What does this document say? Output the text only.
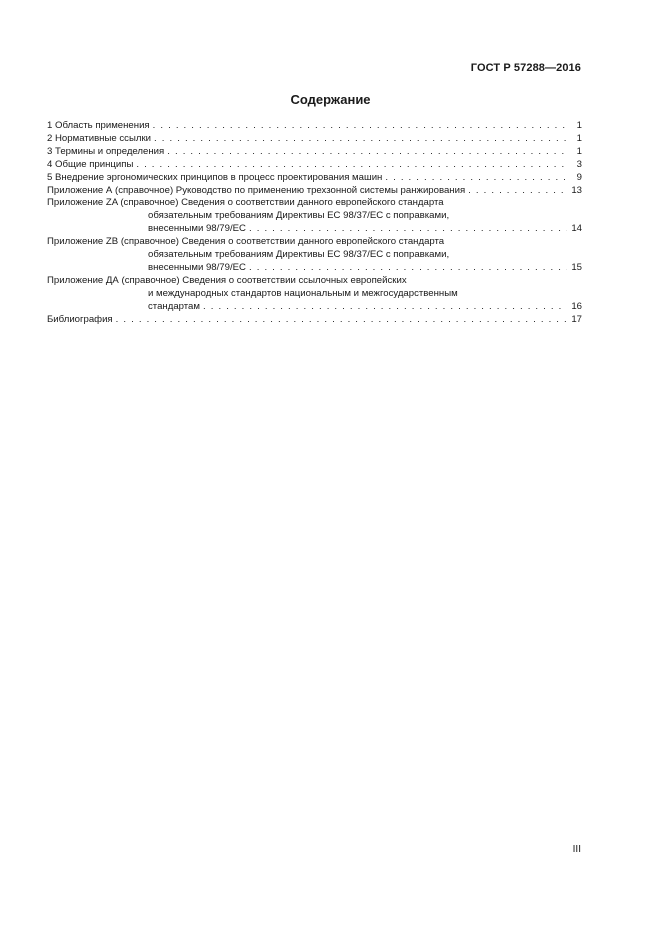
ГОСТ Р 57288—2016
Содержание
1 Область применения . . .	1
2 Нормативные ссылки . . .	1
3 Термины и определения . . .	1
4 Общие принципы . . .	3
5 Внедрение эргономических принципов в процесс проектирования машин . . .	9
Приложение А (справочное) Руководство по применению трехзонной системы ранжирования . . .	13
Приложение ZA (справочное) Сведения о соответствии данного европейского стандарта
обязательным требованиям Директивы ЕС 98/37/ЕС с поправками,
внесенными 98/79/ЕС . . .	14
Приложение ZB (справочное) Сведения о соответствии данного европейского стандарта
обязательным требованиям Директивы ЕС 98/37/ЕС с поправками,
внесенными 98/79/ЕС . . .	15
Приложение ДА (справочное) Сведения о соответствии ссылочных европейских
и международных стандартов национальным и межгосударственным
стандартам . . .	16
Библиография . . .	17
III
